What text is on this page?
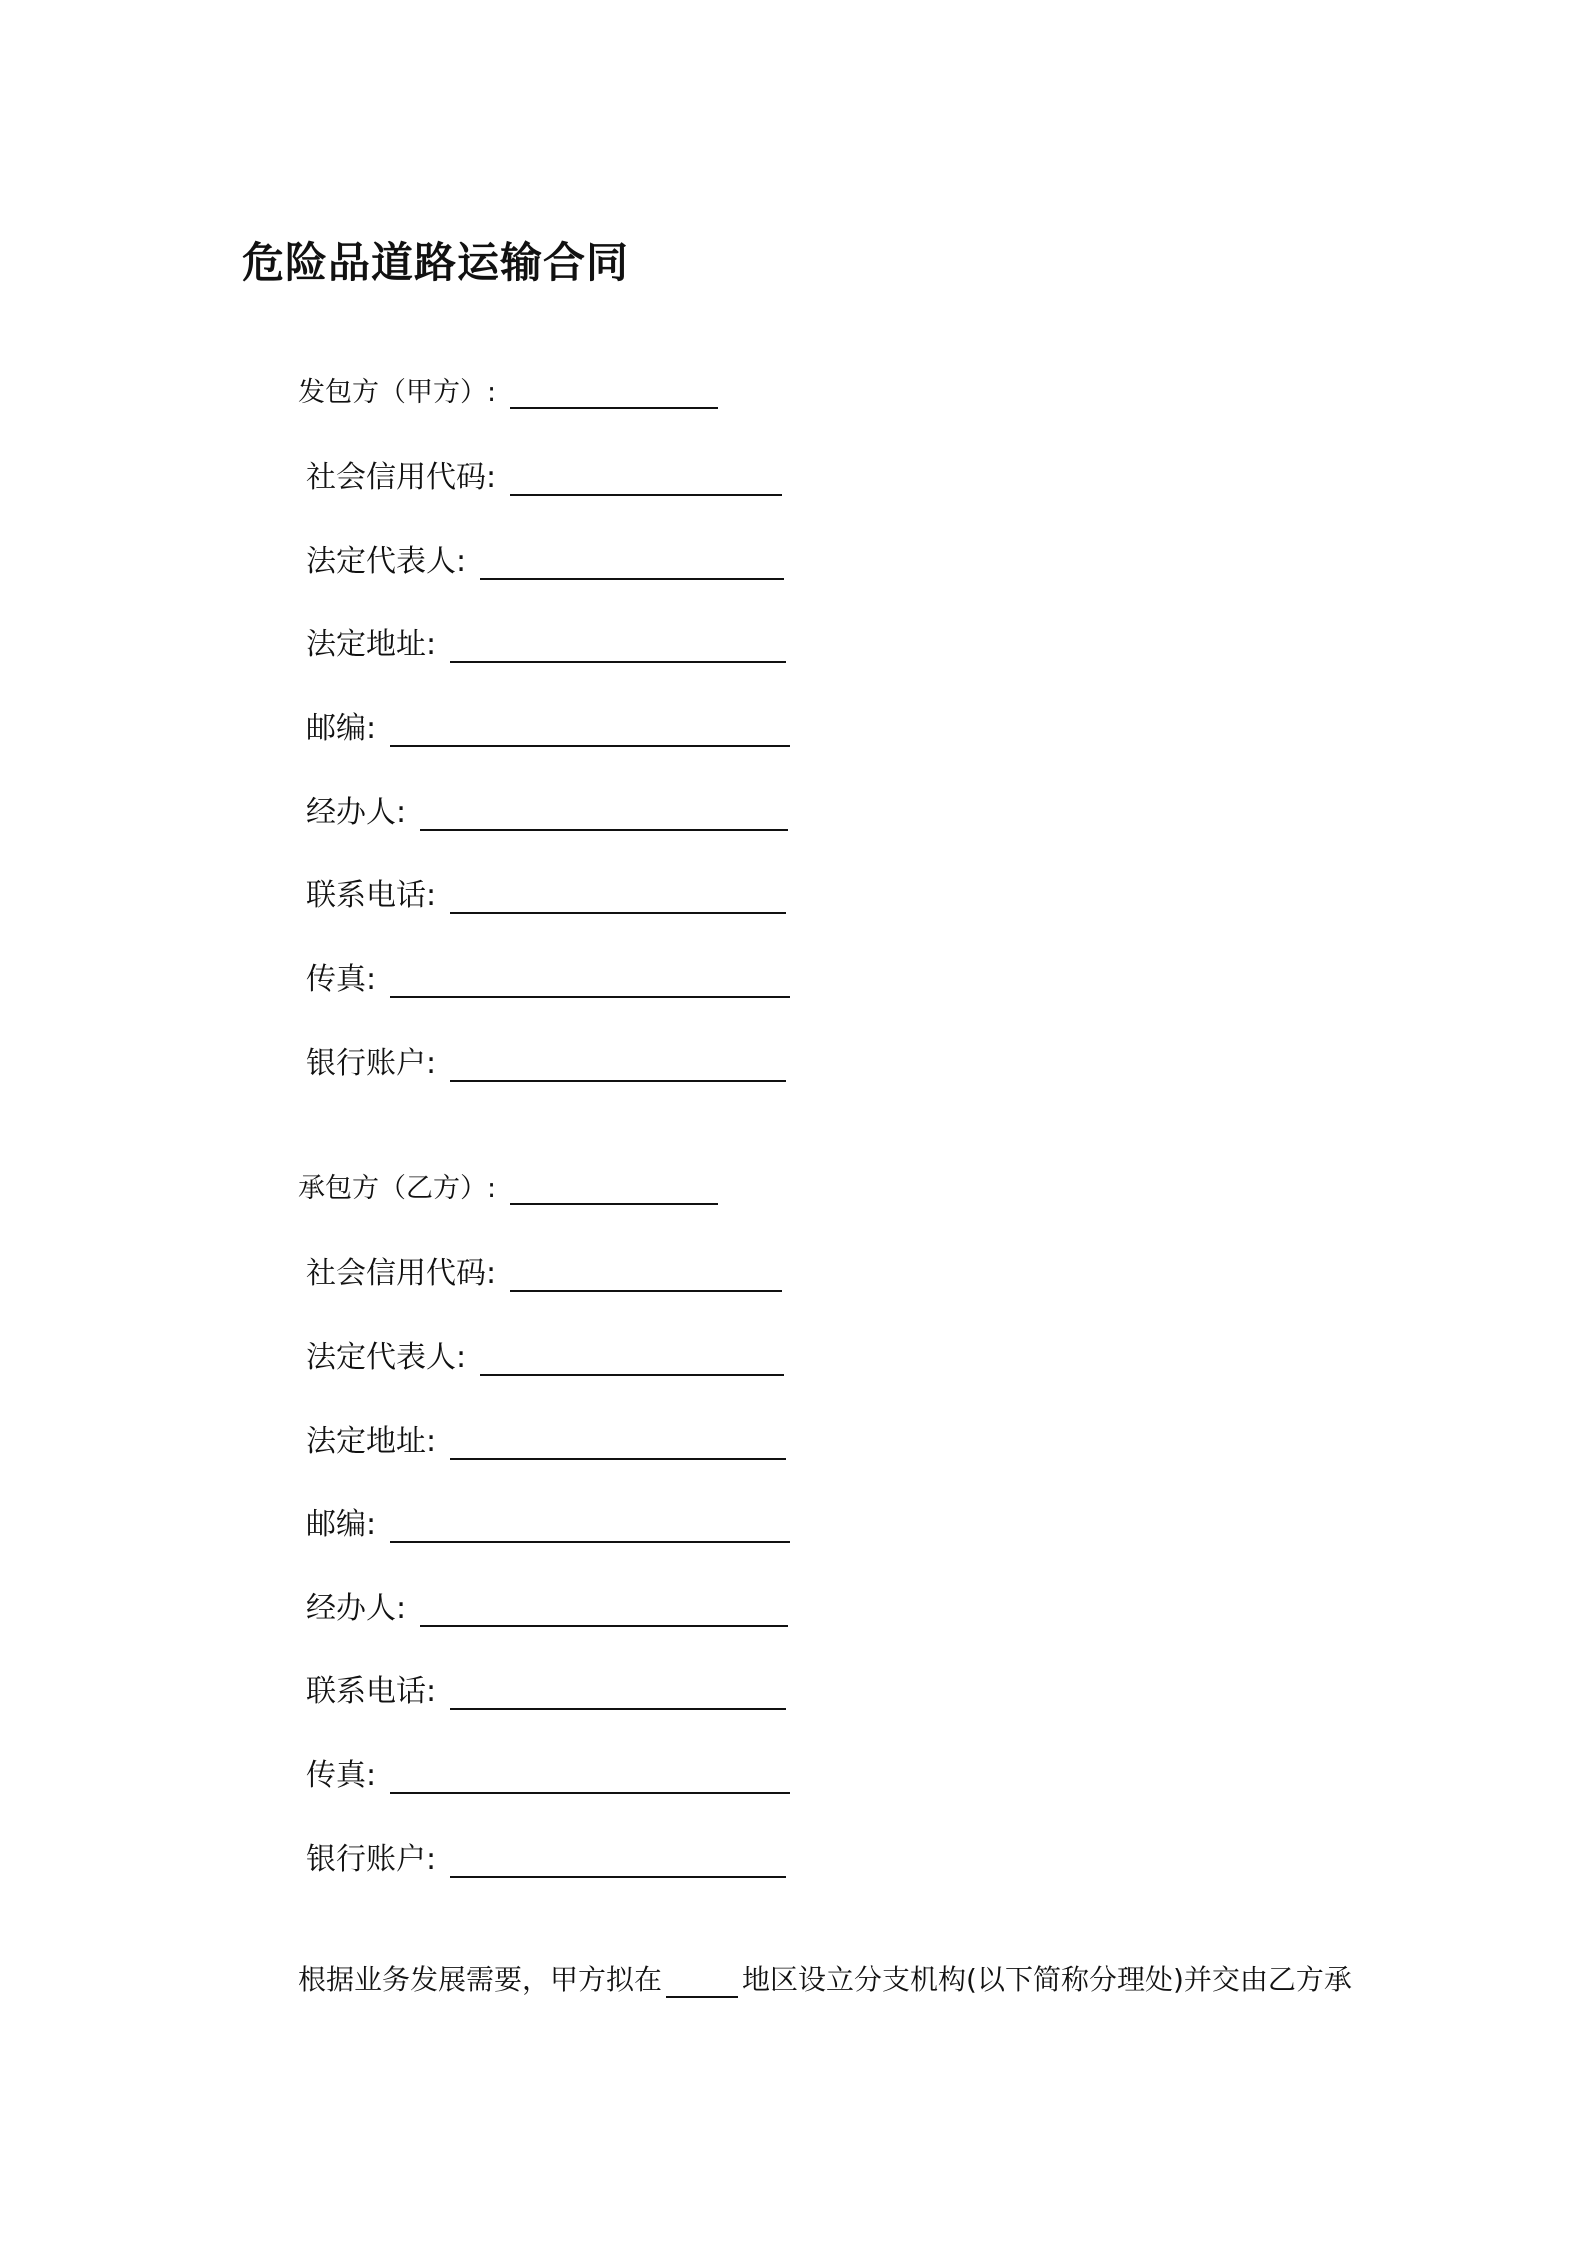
危险品道路运输合同
发包方（甲方）:
社会信用代码:
法定代表人:
法定地址:
邮编:
经办人:
联系电话:
传真:
银行账户:
承包方（乙方）:
社会信用代码:
法定代表人:
法定地址:
邮编:
经办人:
联系电话:
传真:
银行账户:
根据业务发展需要，甲方拟在	地区设立分支机构(以下简称分理处)并交由乙方承
